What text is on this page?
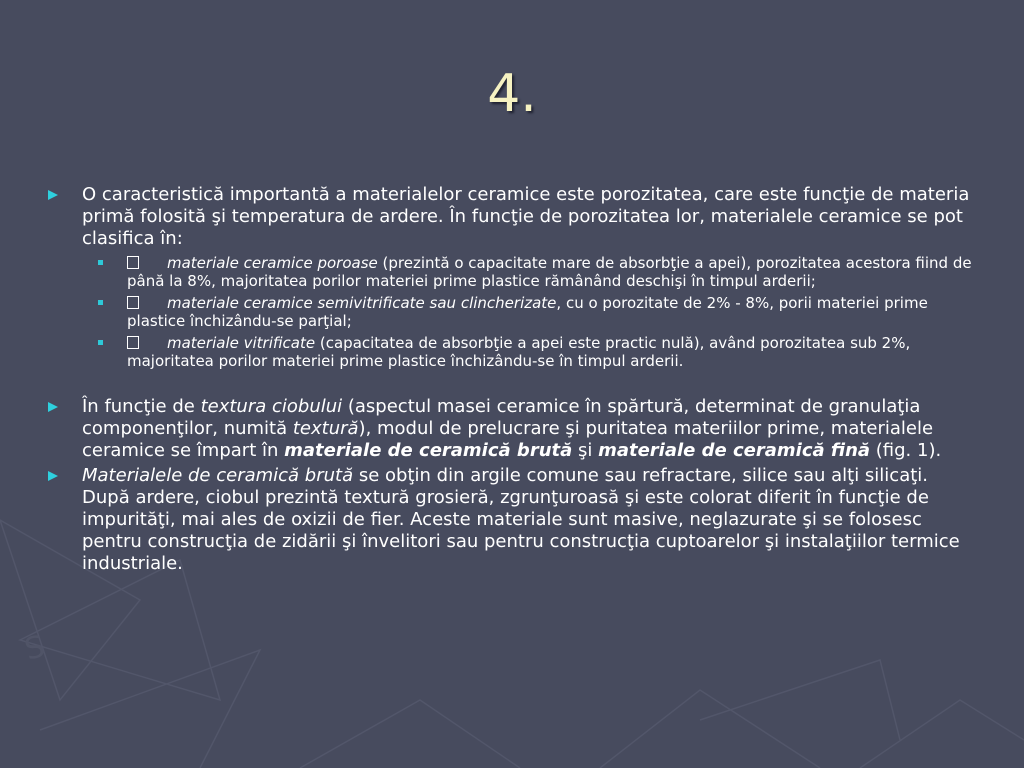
S
4.
O caracteristică importantă a materialelor ceramice este porozitatea, care este funcţie de materia primă folosită şi temperatura de ardere. În funcţie de porozitatea lor, materialele ceramice se pot clasifica în:
materiale ceramice poroase (prezintă o capacitate mare de absorbţie a apei), porozitatea acestora fiind de până la 8%, majoritatea porilor materiei prime plastice rămânând deschişi în timpul arderii;
materiale ceramice semivitrificate sau clincherizate, cu o porozitate de 2% - 8%, porii materiei prime plastice închizându-se parţial;
materiale vitrificate (capacitatea de absorbţie a apei este practic nulă), având porozitatea sub 2%, majoritatea porilor materiei prime plastice închizându-se în timpul arderii.
În funcţie de textura ciobului (aspectul masei ceramice în spărtură, determinat de granulaţia componenţilor, numită textură), modul de prelucrare şi puritatea materiilor prime, materialele ceramice se împart în materiale de ceramică brută şi materiale de ceramică fină (fig. 1).
Materialele de ceramică brută se obţin din argile comune sau refractare, silice sau alţi silicaţi. După ardere, ciobul prezintă textură grosieră, zgrunţuroasă şi este colorat diferit în funcţie de impurităţi, mai ales de oxizii de fier. Aceste materiale sunt masive, neglazurate şi se folosesc pentru construcţia de zidării şi învelitori sau pentru construcţia cuptoarelor şi instalaţiilor termice industriale.
